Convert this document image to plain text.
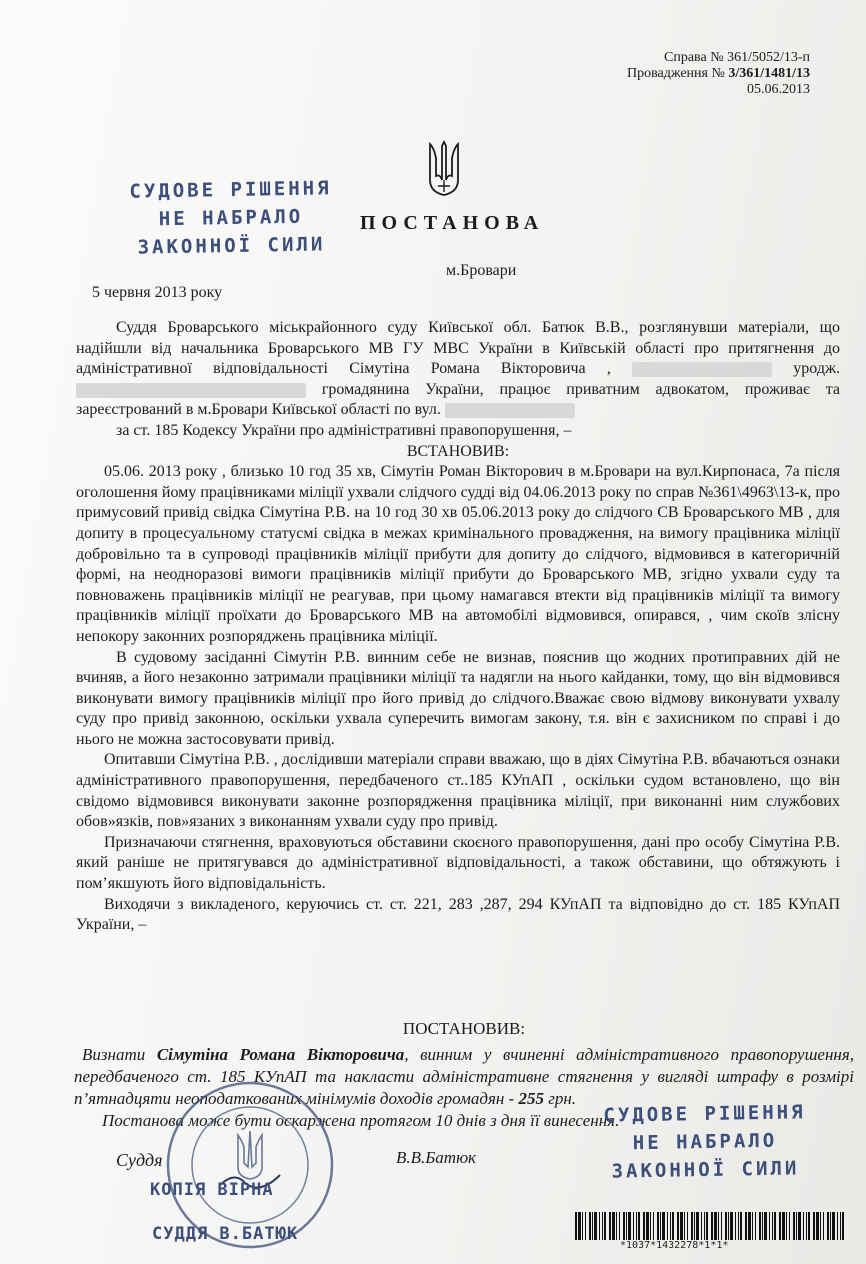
Справа № 361/5052/13-п
Провадження № 3/361/1481/13
05.06.2013
СУДОВЕ РІШЕННЯ
НЕ НАБРАЛО
ЗАКОННОЇ СИЛИ
ПОСТАНОВА
м.Бровари
5 червня 2013 року

Суддя Броварського міськрайонного суду Київської обл. Батюк В.В., розглянувши матеріали, що надійшли від начальника Броварського МВ ГУ МВС України в Київській області про притягнення до адміністративної відповідальності Сімутіна Романа Вікторовича ,	уродж.  громадянина України, працює приватним адвокатом, проживає та зареєстрований в м.Бровари Київської області по вул.

за ст. 185 Кодексу України про адміністративні правопорушення, –

ВСТАНОВИВ:

05.06. 2013 року , близько 10 год 35 хв, Сімутін Роман Вікторович в м.Бровари на вул.Кирпонаса, 7а після оголошення йому працівниками міліції ухвали слідчого судді від 04.06.2013 року по справ №361\4963\13-к, про примусовий привід свідка Сімутіна Р.В. на 10 год 30 хв 05.06.2013 року до слідчого СВ Броварського МВ , для допиту в процесуальному статусмі свідка в межах кримінального провадження, на вимогу працівника міліції добровільно та в супроводі працівників міліції прибути для допиту до слідчого, відмовився в категоричній формі, на неодноразові вимоги працівників міліції прибути до Броварського МВ, згідно ухвали суду та повноважень працівників міліції не реагував, при цьому намагався втекти від працівників міліції та вимогу працівників міліції проїхати до Броварського МВ на автомобілі відмовився, опирався, , чим скоїв злісну непокору законних розпоряджень працівника міліції.

В судовому засіданні Сімутін Р.В. винним себе не визнав, пояснив що жодних протиправних дій не вчиняв, а його незаконно затримали працівники міліції та надягли на нього кайданки, тому, що він відмовився виконувати вимогу працівників міліції про його привід до слідчого.Вважає свою відмову виконувати ухвалу суду про привід законною, оскільки ухвала суперечить вимогам закону, т.я. він є захисником по справі і до нього не можна застосовувати привід.

Опитавши Сімутіна Р.В. , дослідивши матеріали справи вважаю, що в діях Сімутіна Р.В. вбачаються ознаки адміністративного правопорушення, передбаченого ст..185 КУпАП , оскільки судом встановлено, що він свідомо відмовився виконувати законне розпорядження працівника міліції, при виконанні ним службових обов»язків, пов»язаних з виконанням ухвали суду про привід.

Призначаючи стягнення, враховуються обставини скоєного правопорушення, дані про особу Сімутіна Р.В. який раніше не притягувався до адміністративної відповідальності, а також обставини, що обтяжують і пом’якшують його відповідальність.

Виходячи з викладеного, керуючись ст. ст. 221, 283 ,287, 294 КУпАП та відповідно до ст. 185 КУпАП України, –

ПОСТАНОВИВ:

Визнати Сімутіна Романа Вікторовича, винним у вчиненні адміністративного правопорушення, передбаченого ст. 185 КУпАП та накласти адміністративне стягнення у вигляді штрафу в розмірі п’ятнадцяти неоподаткованих мінімумів доходів громадян - 255 грн.

Постанова може бути оскаржена протягом 10 днів з дня її винесення.

КОПІЯ ВІРНА
СУДДЯ В.БАТЮК
Суддя	В.В.Батюк
СУДОВЕ РІШЕННЯ
НЕ НАБРАЛО
ЗАКОННОЇ СИЛИ
*1037*1432278*1*1*
